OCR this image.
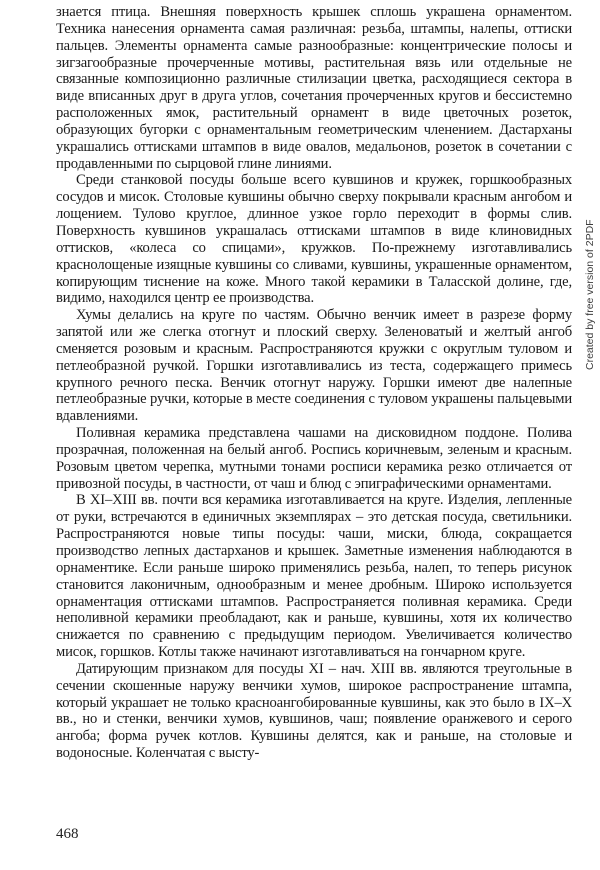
знается птица. Внешняя поверхность крышек сплошь украшена орнаментом. Техника нанесения орнамента самая различная: резьба, штампы, налепы, оттиски пальцев. Элементы орнамента самые разнообразные: концентрические полосы и зигзагообразные прочерченные мотивы, растительная вязь или отдельные не связанные композиционно различные стилизации цветка, расходящиеся сектора в виде вписанных друг в друга углов, сочетания прочерченных кругов и бессистемно расположенных ямок, растительный орнамент в виде цветочных розеток, образующих бугорки с орнаментальным геометрическим членением. Дастарханы украшались оттисками штампов в виде овалов, медальонов, розеток в сочетании с продавленными по сырцовой глине линиями.

Среди станковой посуды больше всего кувшинов и кружек, горшкообразных сосудов и мисок. Столовые кувшины обычно сверху покрывали красным ангобом и лощением. Тулово круглое, длинное узкое горло переходит в формы слив. Поверхность кувшинов украшалась оттисками штампов в виде клиновидных оттисков, «колеса со спицами», кружков. По-прежнему изготавливались краснолощеные изящные кувшины со сливами, кувшины, украшенные орнаментом, копирующим тиснение на коже. Много такой керамики в Таласской долине, где, видимо, находился центр ее производства.

Хумы делались на круге по частям. Обычно венчик имеет в разрезе форму запятой или же слегка отогнут и плоский сверху. Зеленоватый и желтый ангоб сменяется розовым и красным. Распространяются кружки с округлым туловом и петлеобразной ручкой. Горшки изготавливались из теста, содержащего примесь крупного речного песка. Венчик отогнут наружу. Горшки имеют две налепные петлеобразные ручки, которые в месте соединения с туловом украшены пальцевыми вдавлениями.

Поливная керамика представлена чашами на дисковидном поддоне. Полива прозрачная, положенная на белый ангоб. Роспись коричневым, зеленым и красным. Розовым цветом черепка, мутными тонами росписи керамика резко отличается от привозной посуды, в частности, от чаш и блюд с эпиграфическими орнаментами.

В XI–XIII вв. почти вся керамика изготавливается на круге. Изделия, лепленные от руки, встречаются в единичных экземплярах – это детская посуда, светильники. Распространяются новые типы посуды: чаши, миски, блюда, сокращается производство лепных дастарханов и крышек. Заметные изменения наблюдаются в орнаментике. Если раньше широко применялись резьба, налеп, то теперь рисунок становится лаконичным, однообразным и менее дробным. Широко используется орнаментация оттисками штампов. Распространяется поливная керамика. Среди неполивной керамики преобладают, как и раньше, кувшины, хотя их количество снижается по сравнению с предыдущим периодом. Увеличивается количество мисок, горшков. Котлы также начинают изготавливаться на гончарном круге.

Датирующим признаком для посуды XI – нач. XIII вв. являются треугольные в сечении скошенные наружу венчики хумов, широкое распространение штампа, который украшает не только красноангобированные кувшины, как это было в IX–X вв., но и стенки, венчики хумов, кувшинов, чаш; появление оранжевого и серого ангоба; форма ручек котлов. Кувшины делятся, как и раньше, на столовые и водоносные. Коленчатая с высту-

Created by free version of 2PDF
468
